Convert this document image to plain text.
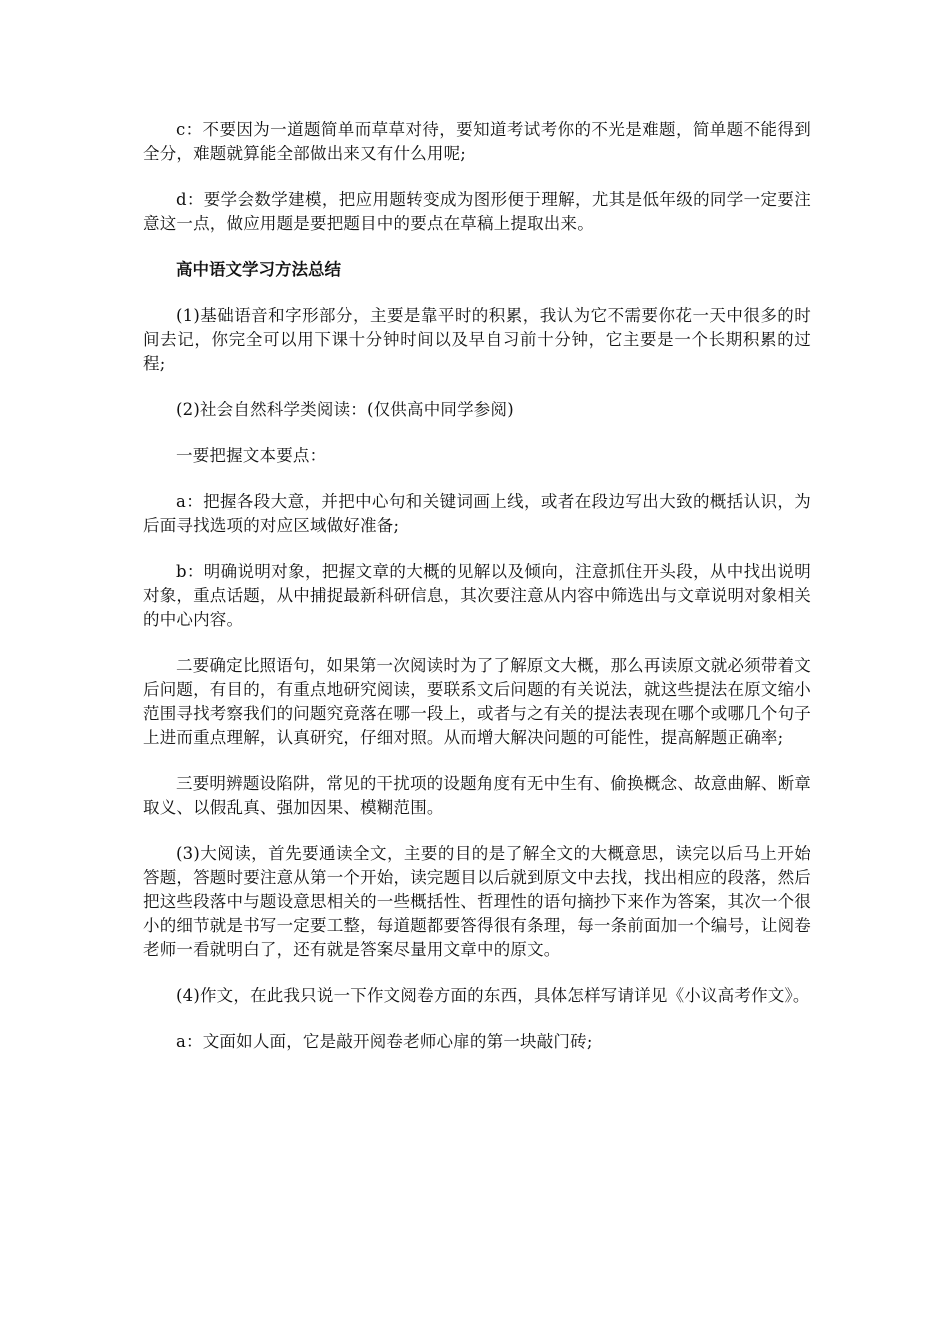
c：不要因为一道题简单而草草对待，要知道考试考你的不光是难题，简单题不能得到全分，难题就算能全部做出来又有什么用呢;

d：要学会数学建模，把应用题转变成为图形便于理解，尤其是低年级的同学一定要注意这一点，做应用题是要把题目中的要点在草稿上提取出来。

高中语文学习方法总结

(1)基础语音和字形部分，主要是靠平时的积累，我认为它不需要你花一天中很多的时间去记，你完全可以用下课十分钟时间以及早自习前十分钟，它主要是一个长期积累的过程;

(2)社会自然科学类阅读：(仅供高中同学参阅)

一要把握文本要点：

a：把握各段大意，并把中心句和关键词画上线，或者在段边写出大致的概括认识，为后面寻找选项的对应区域做好准备;

b：明确说明对象，把握文章的大概的见解以及倾向，注意抓住开头段，从中找出说明对象，重点话题，从中捕捉最新科研信息，其次要注意从内容中筛选出与文章说明对象相关的中心内容。

二要确定比照语句，如果第一次阅读时为了了解原文大概，那么再读原文就必须带着文后问题，有目的，有重点地研究阅读，要联系文后问题的有关说法，就这些提法在原文缩小范围寻找考察我们的问题究竟落在哪一段上，或者与之有关的提法表现在哪个或哪几个句子上进而重点理解，认真研究，仔细对照。从而增大解决问题的可能性，提高解题正确率;

三要明辨题设陷阱，常见的干扰项的设题角度有无中生有、偷换概念、故意曲解、断章取义、以假乱真、强加因果、模糊范围。

(3)大阅读，首先要通读全文，主要的目的是了解全文的大概意思，读完以后马上开始答题，答题时要注意从第一个开始，读完题目以后就到原文中去找，找出相应的段落，然后把这些段落中与题设意思相关的一些概括性、哲理性的语句摘抄下来作为答案，其次一个很小的细节就是书写一定要工整，每道题都要答得很有条理，每一条前面加一个编号，让阅卷老师一看就明白了，还有就是答案尽量用文章中的原文。

(4)作文，在此我只说一下作文阅卷方面的东西，具体怎样写请详见《小议高考作文》。

a：文面如人面，它是敲开阅卷老师心扉的第一块敲门砖;
